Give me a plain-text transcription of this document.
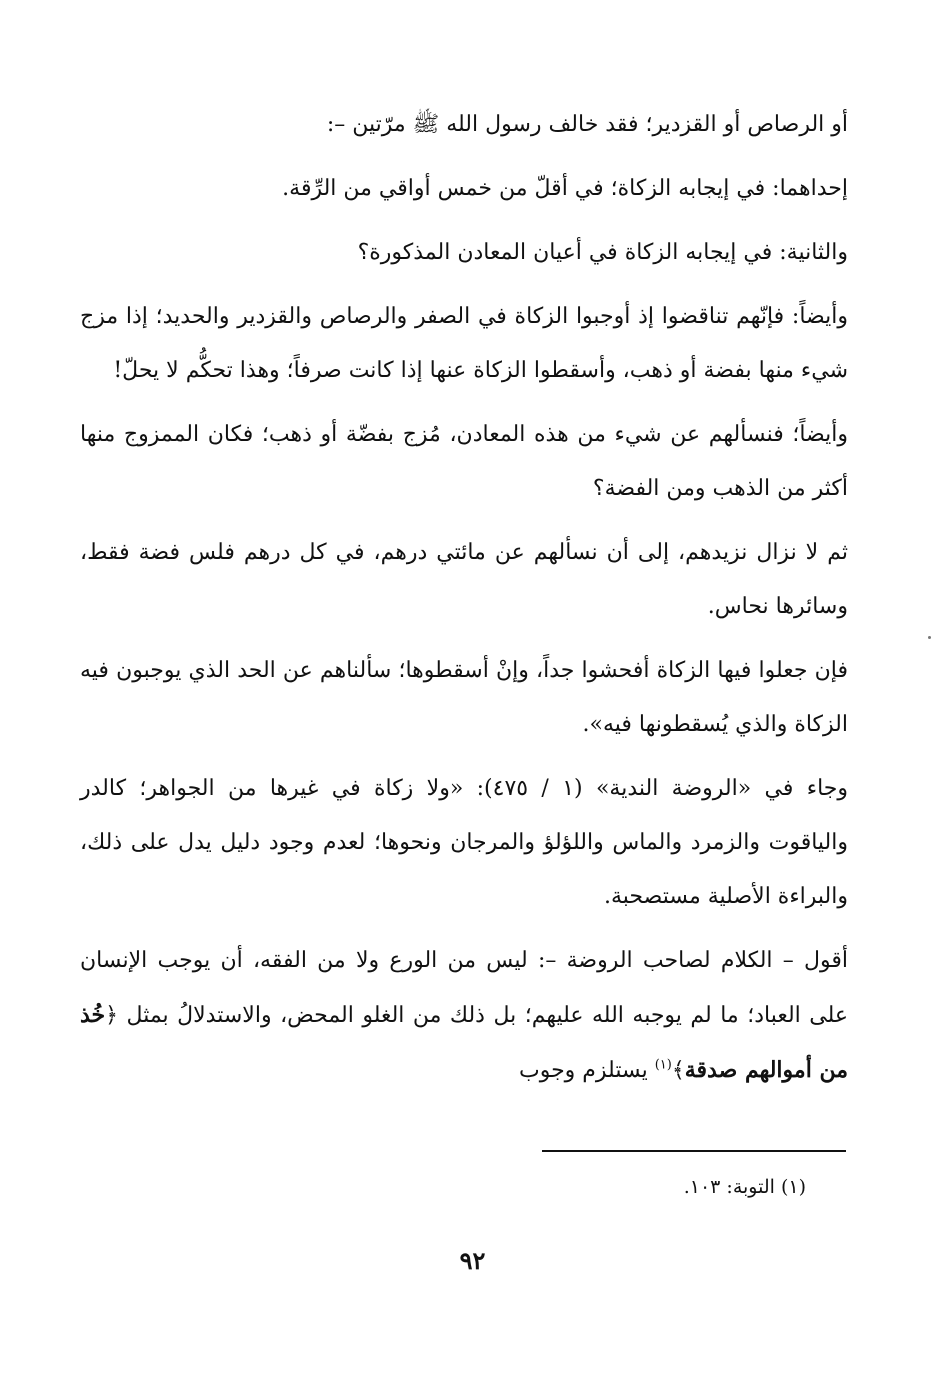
أو الرصاص أو القزدير؛ فقد خالف رسول الله ﷺ مرّتين –:

إحداهما: في إيجابه الزكاة؛ في أقلّ من خمس أواقي من الرِّقة.

والثانية: في إيجابه الزكاة في أعيان المعادن المذكورة؟

وأيضاً: فإنّهم تناقضوا إذ أوجبوا الزكاة في الصفر والرصاص والقزدير والحديد؛ إذا مزج شيء منها بفضة أو ذهب، وأسقطوا الزكاة عنها إذا كانت صرفاً؛ وهذا تحكُّم لا يحلّ!

وأيضاً؛ فنسألهم عن شيء من هذه المعادن، مُزج بفضّة أو ذهب؛ فكان الممزوج منها أكثر من الذهب ومن الفضة؟

ثم لا نزال نزيدهم، إلى أن نسألهم عن مائتي درهم، في كل درهم فلس فضة فقط، وسائرها نحاس.

فإن جعلوا فيها الزكاة أفحشوا جداً، وإنْ أسقطوها؛ سألناهم عن الحد الذي يوجبون فيه الزكاة والذي يُسقطونها فيه».

وجاء في «الروضة الندية» (١ / ٤٧٥): «ولا زكاة في غيرها من الجواهر؛ كالدر والياقوت والزمرد والماس واللؤلؤ والمرجان ونحوها؛ لعدم وجود دليل يدل على ذلك، والبراءة الأصلية مستصحبة.

أقول – الكلام لصاحب الروضة –: ليس من الورع ولا من الفقه، أن يوجب الإنسان على العباد؛ ما لم يوجبه الله عليهم؛ بل ذلك من الغلو المحض، والاستدلالُ بمثل ﴿خُذ من أموالهم صدقة﴾$^{(١)}$ يستلزم وجوب

(١) التوبة: ١٠٣.
٩٢
